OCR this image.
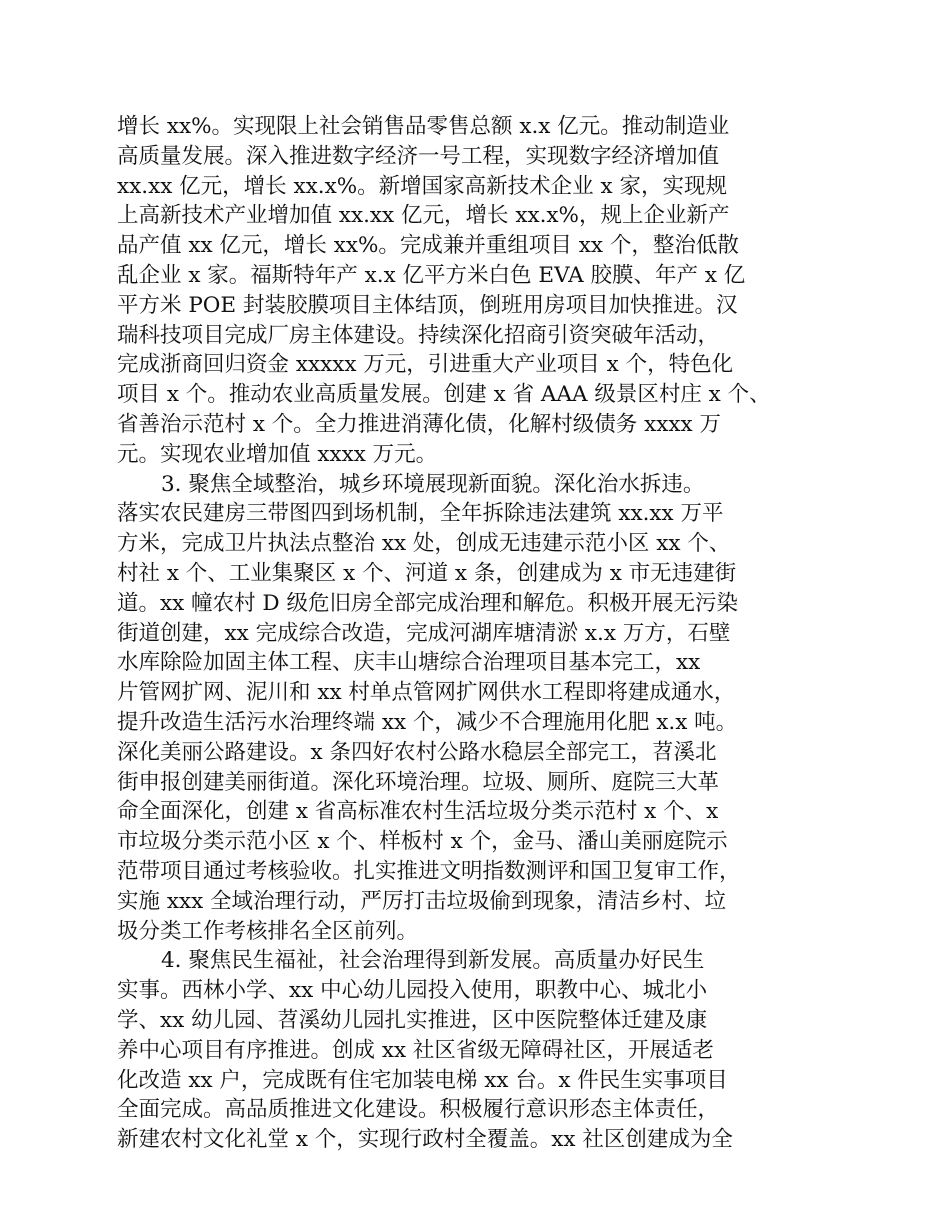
增长 xx%。实现限上社会销售品零售总额 x.x 亿元。推动制造业
高质量发展。深入推进数字经济一号工程，实现数字经济增加值
xx.xx 亿元，增长 xx.x%。新增国家高新技术企业 x 家，实现规
上高新技术产业增加值 xx.xx 亿元，增长 xx.x%，规上企业新产
品产值 xx 亿元，增长 xx%。完成兼并重组项目 xx 个，整治低散
乱企业 x 家。福斯特年产 x.x 亿平方米白色 EVA 胶膜、年产 x 亿
平方米 POE 封装胶膜项目主体结顶，倒班用房项目加快推进。汉
瑞科技项目完成厂房主体建设。持续深化招商引资突破年活动，
完成浙商回归资金 xxxxx 万元，引进重大产业项目 x 个，特色化
项目 x 个。推动农业高质量发展。创建 x 省 AAA 级景区村庄 x 个、
省善治示范村 x 个。全力推进消薄化债，化解村级债务 xxxx 万
元。实现农业增加值 xxxx 万元。
3. 聚焦全域整治，城乡环境展现新面貌。深化治水拆违。
落实农民建房三带图四到场机制，全年拆除违法建筑 xx.xx 万平
方米，完成卫片执法点整治 xx 处，创成无违建示范小区 xx 个、
村社 x 个、工业集聚区 x 个、河道 x 条，创建成为 x 市无违建街
道。xx 幢农村 D 级危旧房全部完成治理和解危。积极开展无污染
街道创建，xx 完成综合改造，完成河湖库塘清淤 x.x 万方，石壁
水库除险加固主体工程、庆丰山塘综合治理项目基本完工，xx
片管网扩网、泥川和 xx 村单点管网扩网供水工程即将建成通水，
提升改造生活污水治理终端 xx 个，减少不合理施用化肥 x.x 吨。
深化美丽公路建设。x 条四好农村公路水稳层全部完工，苕溪北
街申报创建美丽街道。深化环境治理。垃圾、厕所、庭院三大革
命全面深化，创建 x 省高标准农村生活垃圾分类示范村 x 个、x
市垃圾分类示范小区 x 个、样板村 x 个，金马、潘山美丽庭院示
范带项目通过考核验收。扎实推进文明指数测评和国卫复审工作，
实施 xxx 全域治理行动，严厉打击垃圾偷到现象，清洁乡村、垃
圾分类工作考核排名全区前列。
4. 聚焦民生福祉，社会治理得到新发展。高质量办好民生
实事。西林小学、xx 中心幼儿园投入使用，职教中心、城北小
学、xx 幼儿园、苕溪幼儿园扎实推进，区中医院整体迁建及康
养中心项目有序推进。创成 xx 社区省级无障碍社区，开展适老
化改造 xx 户，完成既有住宅加装电梯 xx 台。x 件民生实事项目
全面完成。高品质推进文化建设。积极履行意识形态主体责任，
新建农村文化礼堂 x 个，实现行政村全覆盖。xx 社区创建成为全
